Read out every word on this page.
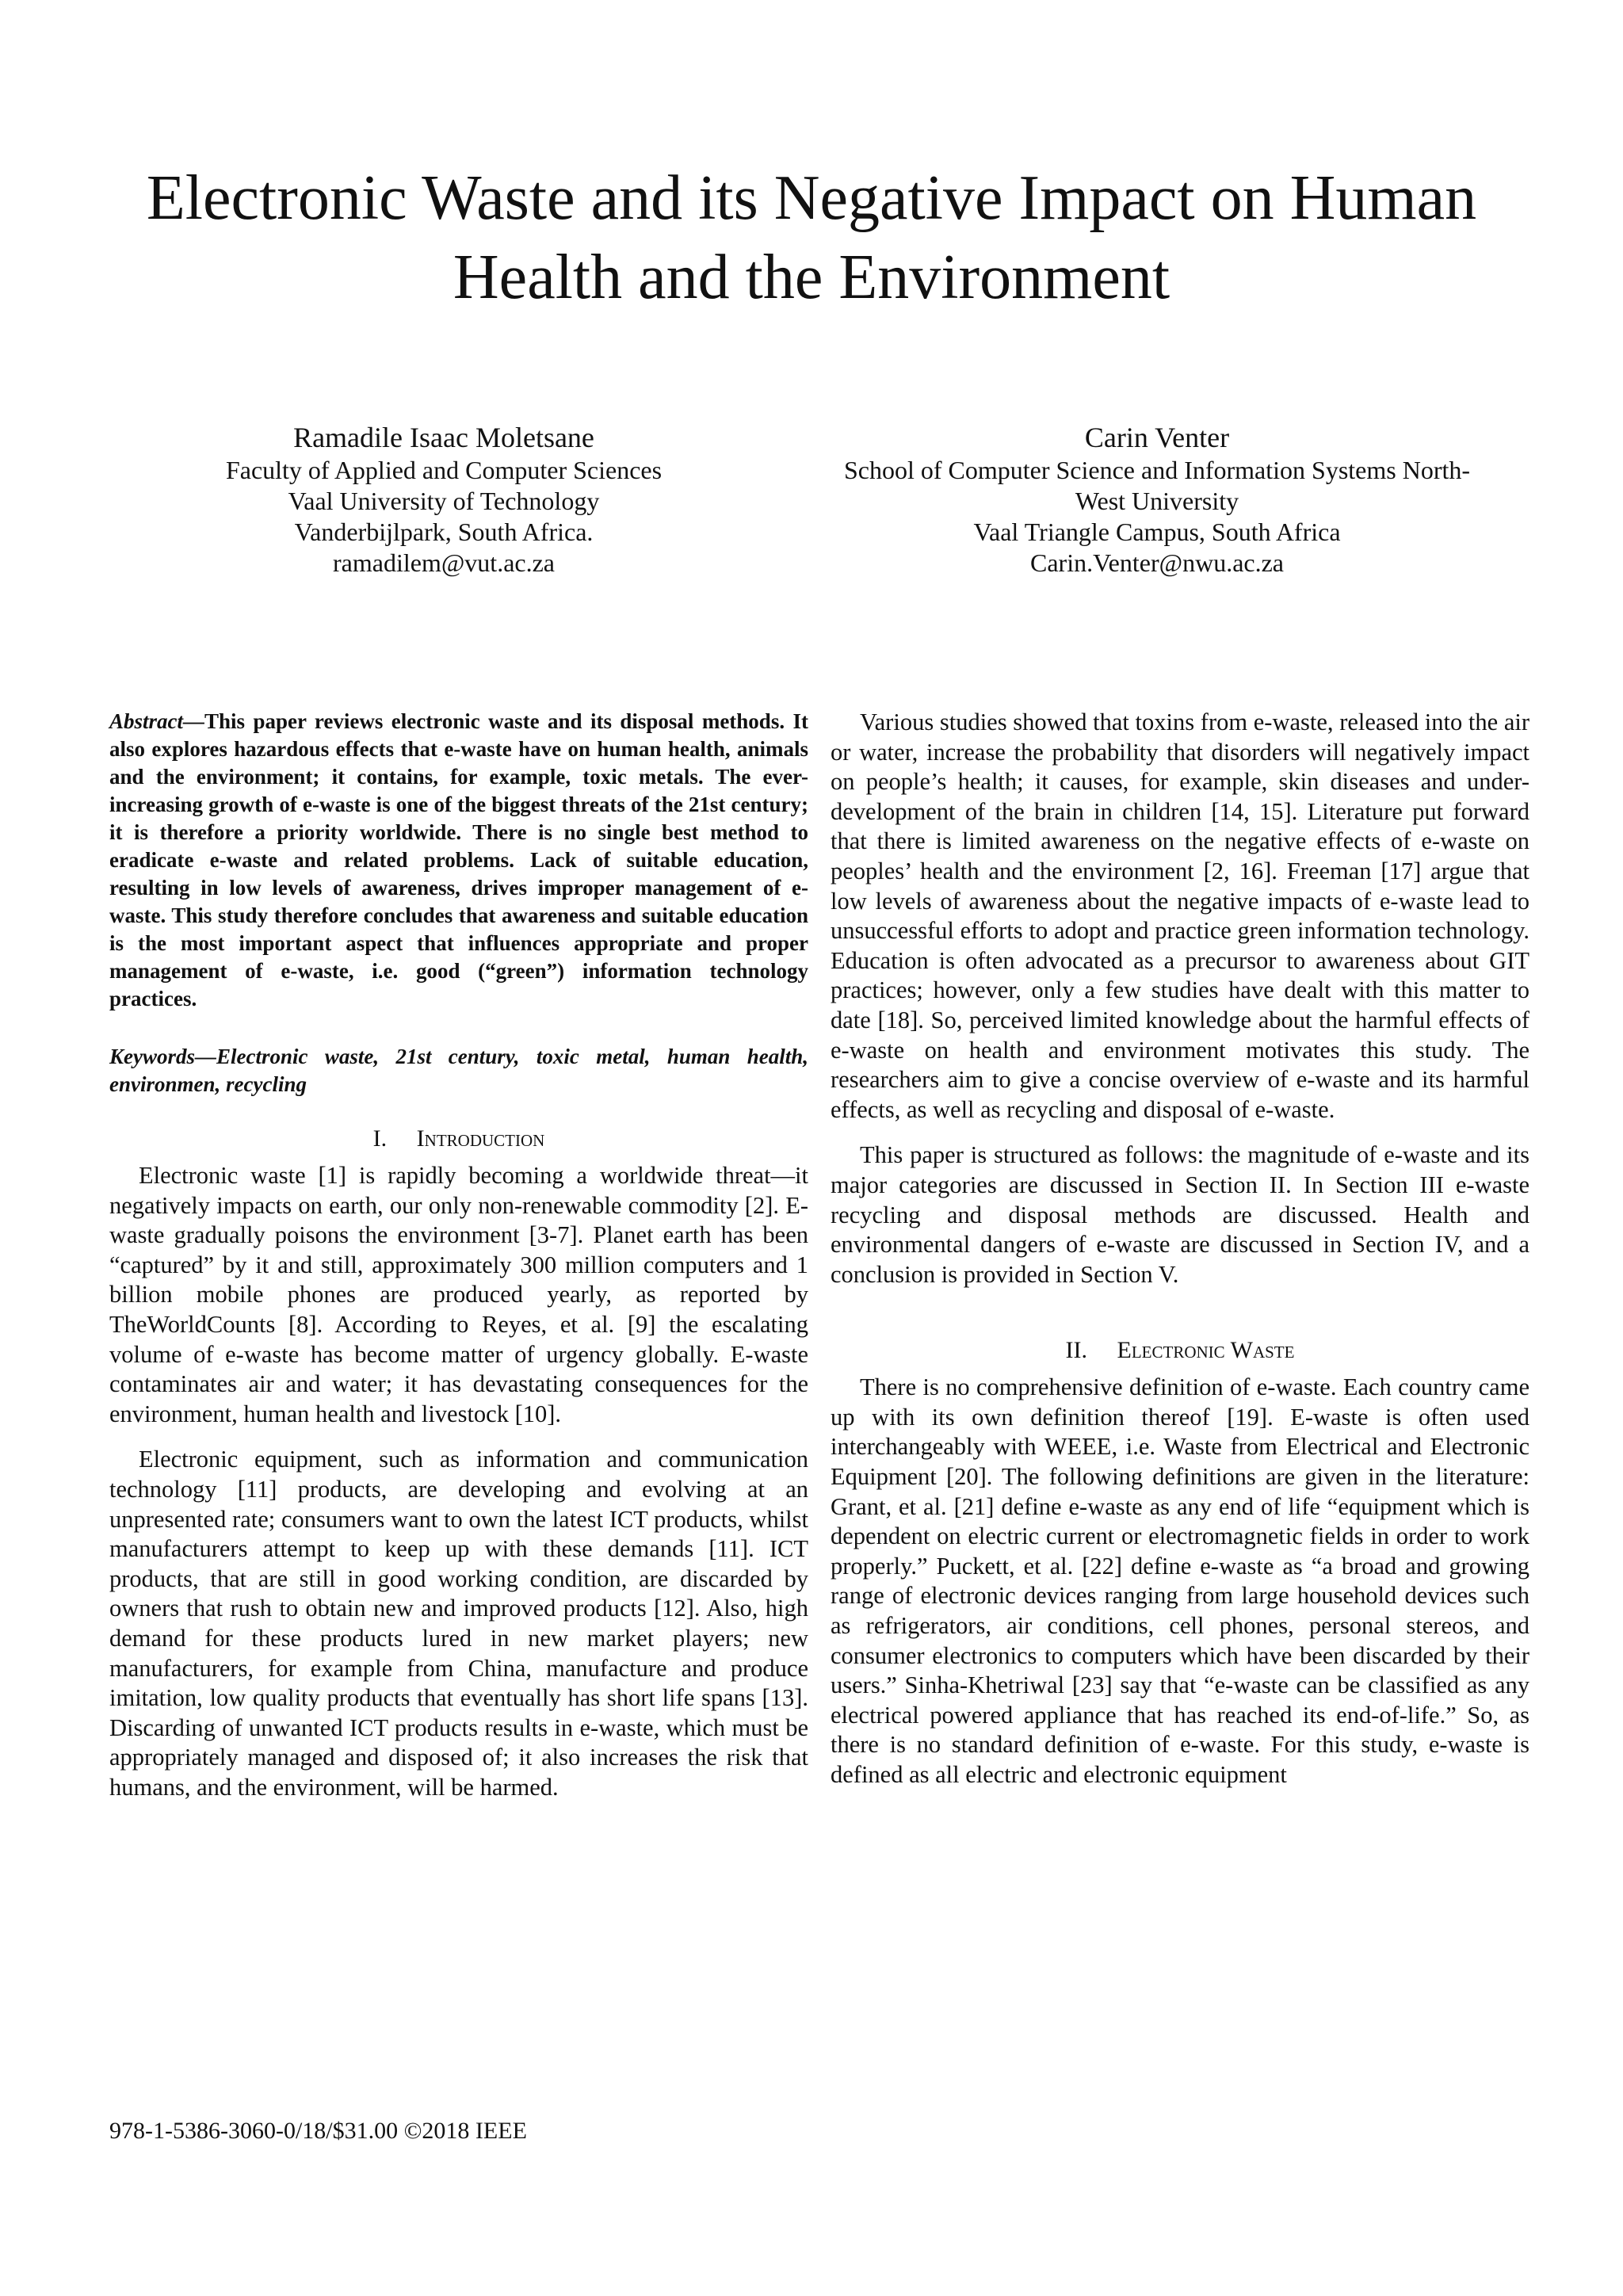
Electronic Waste and its Negative Impact on Human Health and the Environment
Ramadile Isaac Moletsane
Faculty of Applied and Computer Sciences
Vaal University of Technology
Vanderbijlpark, South Africa.
ramadilem@vut.ac.za
Carin Venter
School of Computer Science and Information Systems North-
West University
Vaal Triangle Campus, South Africa
Carin.Venter@nwu.ac.za

Abstract—This paper reviews electronic waste and its disposal methods. It also explores hazardous effects that e-waste have on human health, animals and the environment; it contains, for example, toxic metals. The ever-increasing growth of e-waste is one of the biggest threats of the 21st century; it is therefore a priority worldwide. There is no single best method to eradicate e-waste and related problems. Lack of suitable education, resulting in low levels of awareness, drives improper management of e-waste. This study therefore concludes that awareness and suitable education is the most important aspect that influences appropriate and proper management of e-waste, i.e. good (“green”) information technology practices.

Keywords—Electronic waste, 21st century, toxic metal, human health, environmen, recycling

I. Introduction

Electronic waste [1] is rapidly becoming a worldwide threat—it negatively impacts on earth, our only non-renewable commodity [2]. E-waste gradually poisons the environment [3-7]. Planet earth has been “captured” by it and still, approximately 300 million computers and 1 billion mobile phones are produced yearly, as reported by TheWorldCounts [8]. According to Reyes, et al. [9] the escalating volume of e-waste has become matter of urgency globally. E-waste contaminates air and water; it has devastating consequences for the environment, human health and livestock [10].

Electronic equipment, such as information and communication technology [11] products, are developing and evolving at an unpresented rate; consumers want to own the latest ICT products, whilst manufacturers attempt to keep up with these demands [11]. ICT products, that are still in good working condition, are discarded by owners that rush to obtain new and improved products [12]. Also, high demand for these products lured in new market players; new manufacturers, for example from China, manufacture and produce imitation, low quality products that eventually has short life spans [13]. Discarding of unwanted ICT products results in e-waste, which must be appropriately managed and disposed of; it also increases the risk that humans, and the environment, will be harmed.

Various studies showed that toxins from e-waste, released into the air or water, increase the probability that disorders will negatively impact on people’s health; it causes, for example, skin diseases and under-development of the brain in children [14, 15]. Literature put forward that there is limited awareness on the negative effects of e-waste on peoples’ health and the environment [2, 16]. Freeman [17] argue that low levels of awareness about the negative impacts of e-waste lead to unsuccessful efforts to adopt and practice green information technology. Education is often advocated as a precursor to awareness about GIT practices; however, only a few studies have dealt with this matter to date [18]. So, perceived limited knowledge about the harmful effects of e-waste on health and environment motivates this study. The researchers aim to give a concise overview of e-waste and its harmful effects, as well as recycling and disposal of e-waste.

This paper is structured as follows: the magnitude of e-waste and its major categories are discussed in Section II. In Section III e-waste recycling and disposal methods are discussed. Health and environmental dangers of e-waste are discussed in Section IV, and a conclusion is provided in Section V.

II. Electronic Waste

There is no comprehensive definition of e-waste. Each country came up with its own definition thereof [19]. E-waste is often used interchangeably with WEEE, i.e. Waste from Electrical and Electronic Equipment [20]. The following definitions are given in the literature: Grant, et al. [21] define e-waste as any end of life “equipment which is dependent on electric current or electromagnetic fields in order to work properly.” Puckett, et al. [22] define e-waste as “a broad and growing range of electronic devices ranging from large household devices such as refrigerators, air conditions, cell phones, personal stereos, and consumer electronics to computers which have been discarded by their users.” Sinha-Khetriwal [23] say that “e-waste can be classified as any electrical powered appliance that has reached its end-of-life.” So, as there is no standard definition of e-waste. For this study, e-waste is defined as all electric and electronic equipment

978-1-5386-3060-0/18/$31.00 ©2018 IEEE
